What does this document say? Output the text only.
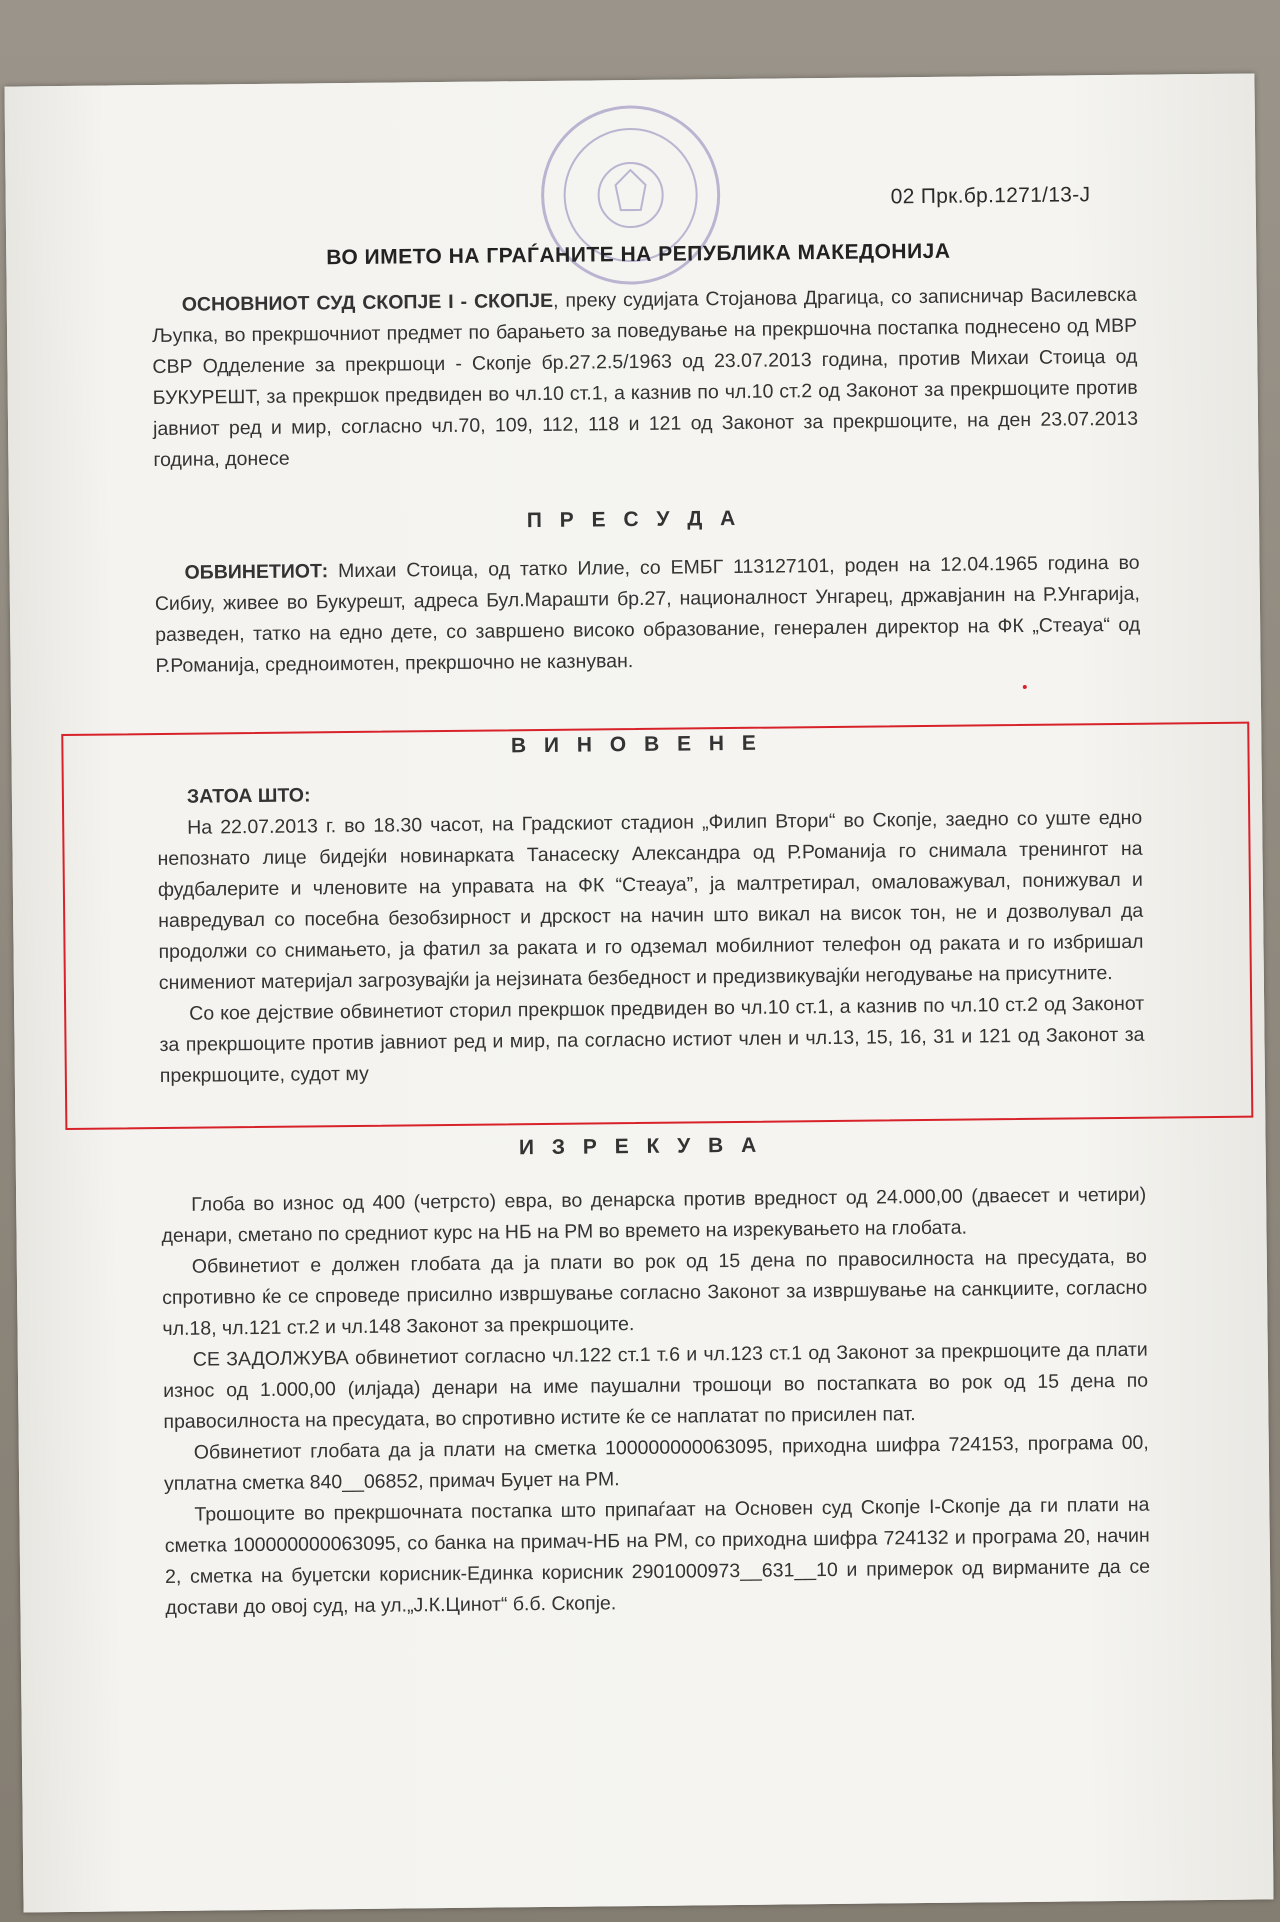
02 Прк.бр.1271/13-Ј
ВО ИМЕТО НА ГРАЃАНИТЕ НА РЕПУБЛИКА МАКЕДОНИЈА

ОСНОВНИОТ СУД СКОПЈЕ І - СКОПЈЕ, преку судијата Стојанова Драгица, со записничар Василевска Љупка, во прекршочниот предмет по барањето за поведување на прекршочна постапка поднесено од МВР СВР Одделение за прекршоци - Скопје бр.27.2.5/1963 од 23.07.2013 година, против Михаи Стоица од БУКУРЕШТ, за прекршок предвиден во чл.10 ст.1, а казнив по чл.10 ст.2 од Законот за прекршоците против јавниот ред и мир, согласно чл.70, 109, 112, 118 и 121 од Законот за прекршоците, на ден 23.07.2013 година, донесе

П Р Е С У Д А

ОБВИНЕТИОТ: Михаи Стоица, од татко Илие, со ЕМБГ 113127101, роден на 12.04.1965 година во Сибиу, живее во Букурешт, адреса Бул.Марашти бр.27, националност Унгарец, државјанин на Р.Унгарија, разведен, татко на едно дете, со завршено високо образование, генерален директор на ФК „Стеауа“ од Р.Романија, средноимотен, прекршочно не казнуван.

В И Н О В Е Н Е

ЗАТОА ШТО:

На 22.07.2013 г. во 18.30 часот, на Градскиот стадион „Филип Втори“ во Скопје, заедно со уште едно непознато лице бидејќи новинарката Танасеску Александра од Р.Романија го снимала тренингот на фудбалерите и членовите на управата на ФК “Стеауа”, ја малтретирал, омаловажувал, понижувал и навредувал со посебна безобзирност и дрскост на начин што викал на висок тон, не и дозволувал да продолжи со снимањето, ја фатил за раката и го одземал мобилниот телефон од раката и го избришал снимениот материјал загрозувајќи ја нејзината безбедност и предизвикувајќи негодување на присутните.

Со кое дејствие обвинетиот сторил прекршок предвиден во чл.10 ст.1, а казнив по чл.10 ст.2 од Законот за прекршоците против јавниот ред и мир, па согласно истиот член и чл.13, 15, 16, 31 и 121 од Законот за прекршоците, судот му

И З Р Е К У В А

Глоба во износ од 400 (четрсто) евра, во денарска против вредност од 24.000,00 (дваесет и четири) денари, сметано по средниот курс на НБ на РМ во времето на изрекувањето на глобата.

Обвинетиот е должен глобата да ја плати во рок од 15 дена по правосилноста на пресудата, во спротивно ќе се спроведе присилно извршување согласно Законот за извршување на санкциите, согласно чл.18, чл.121 ст.2 и чл.148 Законот за прекршоците.

СЕ ЗАДОЛЖУВА обвинетиот согласно чл.122 ст.1 т.6 и чл.123 ст.1 од Законот за прекршоците да плати износ од 1.000,00 (илјада) денари на име паушални трошоци во постапката во рок од 15 дена по правосилноста на пресудата, во спротивно истите ќе се наплатат по присилен пат.

Обвинетиот глобата да ја плати на сметка 100000000063095, приходна шифра 724153, програма 00, уплатна сметка 840__06852, примач Буџет на РМ.

Трошоците во прекршочната постапка што припаѓаат на Основен суд Скопје І-Скопје да ги плати на сметка 100000000063095, со банка на примач-НБ на РМ, со приходна шифра 724132 и програма 20, начин 2, сметка на буџетски корисник-Единка корисник 2901000973__631__10 и примерок од вирманите да се достави до овој суд, на ул.„Ј.К.Цинот“ б.б. Скопје.
